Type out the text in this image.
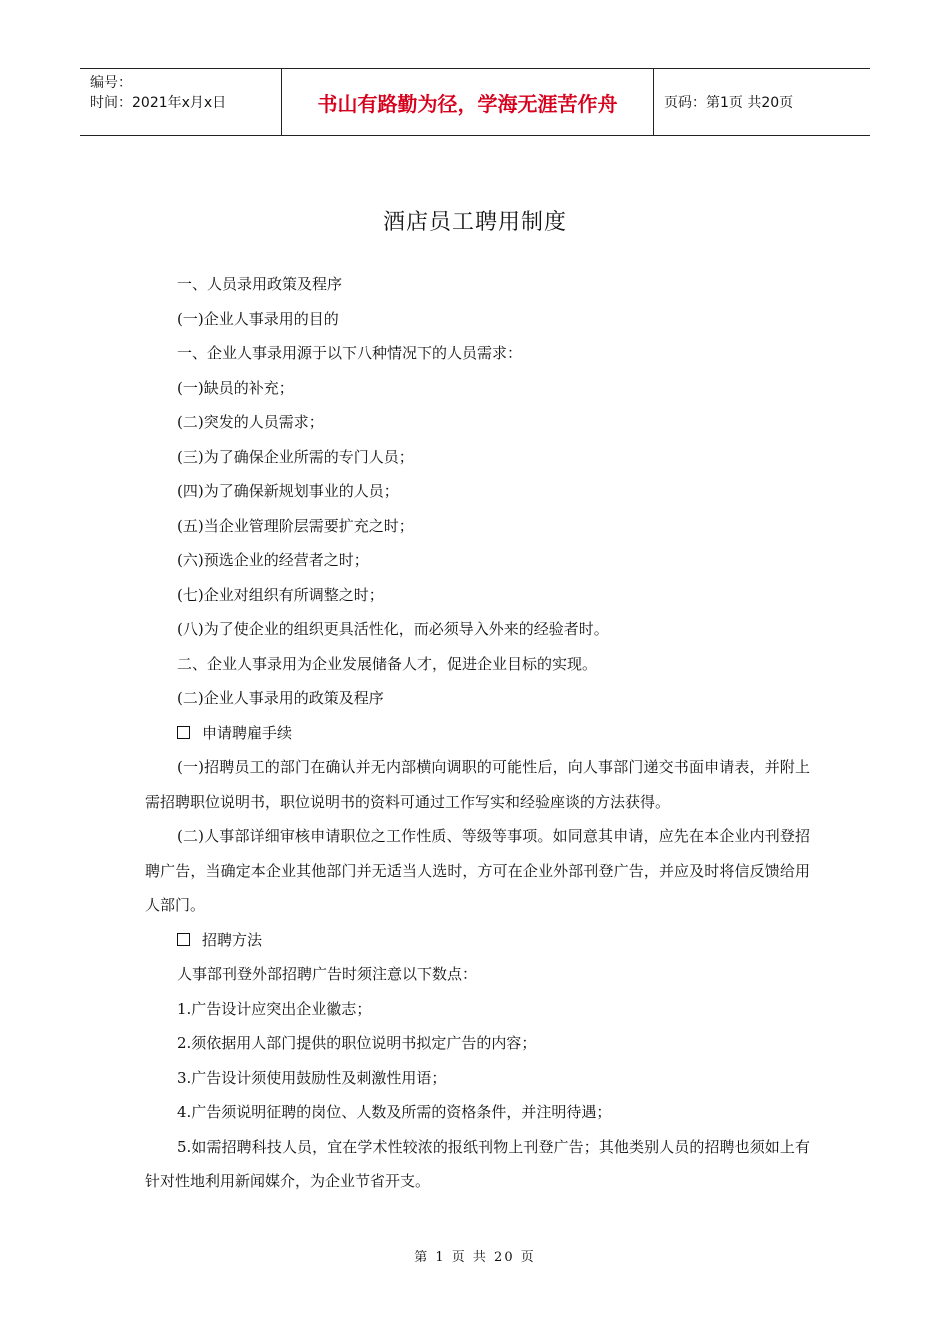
编号：
时间：2021年x月x日	书山有路勤为径，学海无涯苦作舟	页码：第1页 共20页
酒店员工聘用制度

一、人员录用政策及程序

(一)企业人事录用的目的

一、企业人事录用源于以下八种情况下的人员需求：

(一)缺员的补充；

(二)突发的人员需求；

(三)为了确保企业所需的专门人员；

(四)为了确保新规划事业的人员；

(五)当企业管理阶层需要扩充之时；

(六)预选企业的经营者之时；

(七)企业对组织有所调整之时；

(八)为了使企业的组织更具活性化，而必须导入外来的经验者时。

二、企业人事录用为企业发展储备人才，促进企业目标的实现。

(二)企业人事录用的政策及程序

申请聘雇手续

(一)招聘员工的部门在确认并无内部横向调职的可能性后，向人事部门递交书面申请表，并附上需招聘职位说明书，职位说明书的资料可通过工作写实和经验座谈的方法获得。

(二)人事部详细审核申请职位之工作性质、等级等事项。如同意其申请，应先在本企业内刊登招聘广告，当确定本企业其他部门并无适当人选时，方可在企业外部刊登广告，并应及时将信反馈给用人部门。

招聘方法

人事部刊登外部招聘广告时须注意以下数点：

1.广告设计应突出企业徽志；

2.须依据用人部门提供的职位说明书拟定广告的内容；

3.广告设计须使用鼓励性及刺激性用语；

4.广告须说明征聘的岗位、人数及所需的资格条件，并注明待遇；

5.如需招聘科技人员，宜在学术性较浓的报纸刊物上刊登广告；其他类别人员的招聘也须如上有针对性地利用新闻媒介，为企业节省开支。

第 1 页 共 20 页
